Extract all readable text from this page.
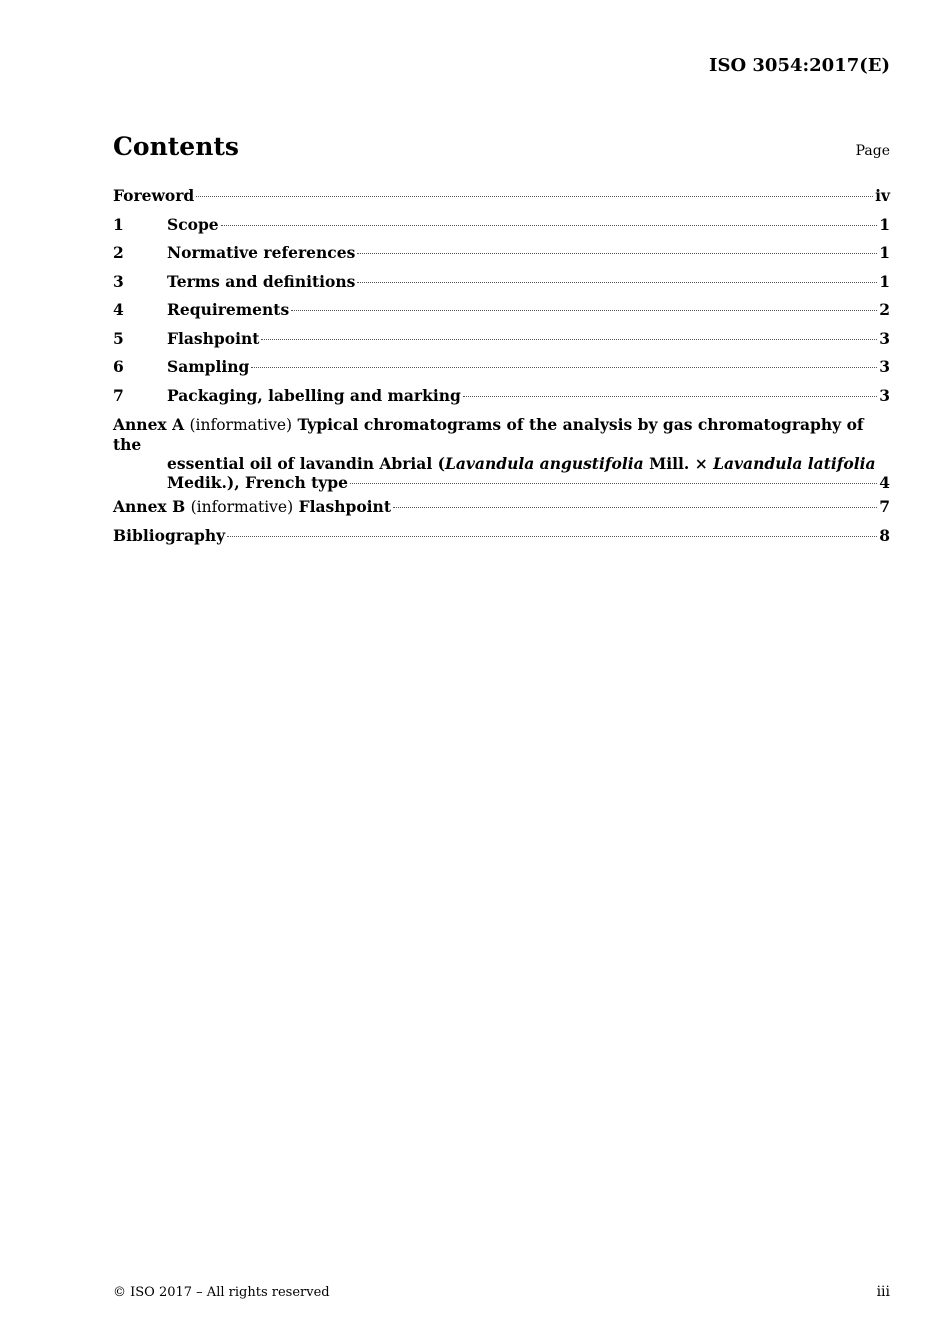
ISO 3054:2017(E)
Contents	Page
Foreword	iv
1	Scope	1
2	Normative references	1
3	Terms and definitions	1
4	Requirements	2
5	Flashpoint	3
6	Sampling	3
7	Packaging, labelling and marking	3
Annex A (informative) Typical chromatograms of the analysis by gas chromatography of the
essential oil of lavandin Abrial (Lavandula angustifolia Mill. × Lavandula latifolia
Medik.), French type	4
Annex B (informative) Flashpoint	7
Bibliography	8
© ISO 2017 – All rights reserved	iii
